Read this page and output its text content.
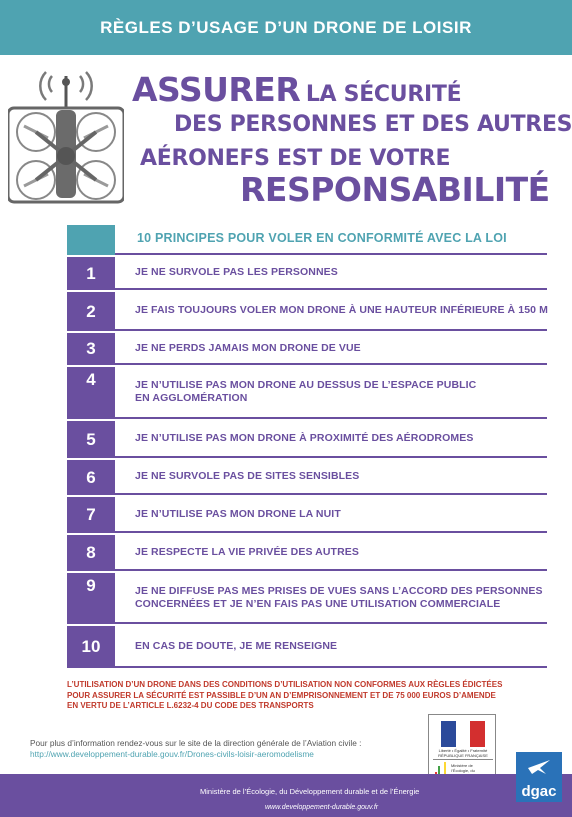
RÈGLES D’USAGE D’UN DRONE DE LOISIR
ASSURER LA SÉCURITÉ
DES PERSONNES ET DES AUTRES
AÉRONEFS EST DE VOTRE
RESPONSABILITÉ
10 PRINCIPES POUR VOLER EN CONFORMITÉ AVEC LA LOI
1	JE NE SURVOLE PAS LES PERSONNES
2	JE FAIS TOUJOURS VOLER MON DRONE À UNE HAUTEUR INFÉRIEURE À 150 M
3	JE NE PERDS JAMAIS MON DRONE DE VUE
4	JE N’UTILISE PAS MON DRONE AU DESSUS DE L’ESPACE PUBLIC
EN AGGLOMÉRATION
5	JE N’UTILISE PAS MON DRONE À PROXIMITÉ DES AÉRODROMES
6	JE NE SURVOLE PAS DE SITES SENSIBLES
7	JE N’UTILISE PAS MON DRONE LA NUIT
8	JE RESPECTE LA VIE PRIVÉE DES AUTRES
9	JE NE DIFFUSE PAS MES PRISES DE VUES SANS L’ACCORD DES PERSONNES
CONCERNÉES ET JE N’EN FAIS PAS UNE UTILISATION COMMERCIALE
10	EN CAS DE DOUTE, JE ME RENSEIGNE
L’UTILISATION D’UN DRONE DANS DES CONDITIONS D’UTILISATION NON CONFORMES AUX RÈGLES ÉDICTÉES
POUR ASSURER LA SÉCURITÉ EST PASSIBLE D’UN AN D’EMPRISONNEMENT ET DE 75 000 EUROS D’AMENDE
EN VERTU DE L’ARTICLE L.6232-4 DU CODE DES TRANSPORTS
Pour plus d’information rendez-vous sur le site de la direction générale de l’Aviation civile :
http://www.developpement-durable.gouv.fr/Drones-civils-loisir-aeromodelisme	Liberté • Égalité • Fraternité RÉPUBLIQUE FRANÇAISE
Ministère de l’Écologie, du
Ministère de l’Écologie, du Développement durable et de l’Énergie
www.developpement-durable.gouv.fr
dgac
